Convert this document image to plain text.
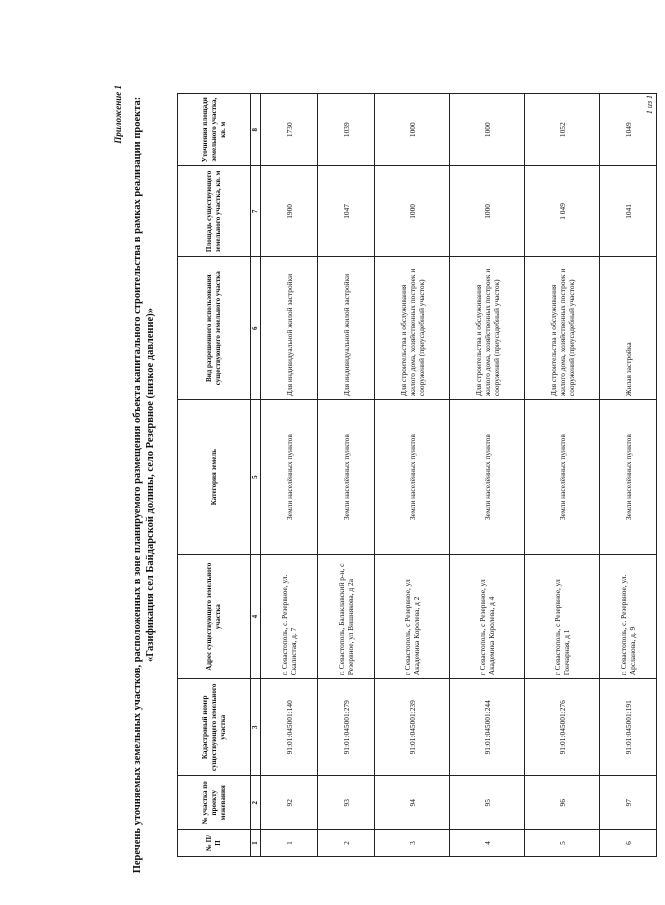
Приложение 1 Перечень уточняемых земельных участков, расположенных в зоне планируемого размещения объекта капитального строительства в рамках реализации проекта: «Газификация сел Байдарской долины, село Резервное (низкое давление)»
№ П/П	№ участка по проекту межевания	Кадастровый номер существующего земельного участка	Адрес существующего земельного участка	Категория земель	Вид разрешенного использования существующего земельного участка	Площадь существующего земельного участка, кв. м	Уточнения площади земельного участка, кв. м
1	2	3	4	5	6	7	8
1	92	91:01:045001:140	г. Севастополь, с. Резервное, ул. Скалистая, д. 7	Земли населённых пунктов	Для индивидуальной жилой застройки	1900	1730
2	93	91:01:045001:279	г. Севастополь, Балаклавский р-н, с Резервное, ул Вишнякова, д 2а	Земли населённых пунктов	Для индивидуальной жилой застройки	1047	1039
3	94	91:01:045001:239	г Севастополь, с Резервное, ул Академика Королева, д 2	Земли населённых пунктов	Для строительства и обслуживания жилого дома, хозяйственных построек и сооружений (приусадебный участок)	1000	1000
4	95	91:01:045001:244	г Севастополь, с Резервное, ул Академика Королева, д 4	Земли населённых пунктов	Для строительства и обслуживания жилого дома, хозяйственных построек и сооружений (приусадебный участок)	1000	1000
5	96	91:01:045001:276	г Севастополь, с Резервное, ул Гончарная, д 1	Земли населённых пунктов	Для строительства и обслуживания жилого дома, хозяйственных построек и сооружений (приусадебный участок)	1 049	1052
6	97	91:01:045001:191	г. Севастополь, с. Резервное, ул. Арсланова, д. 9	Земли населённых пунктов	Жилая застройка	1041	1049
1 из 1
